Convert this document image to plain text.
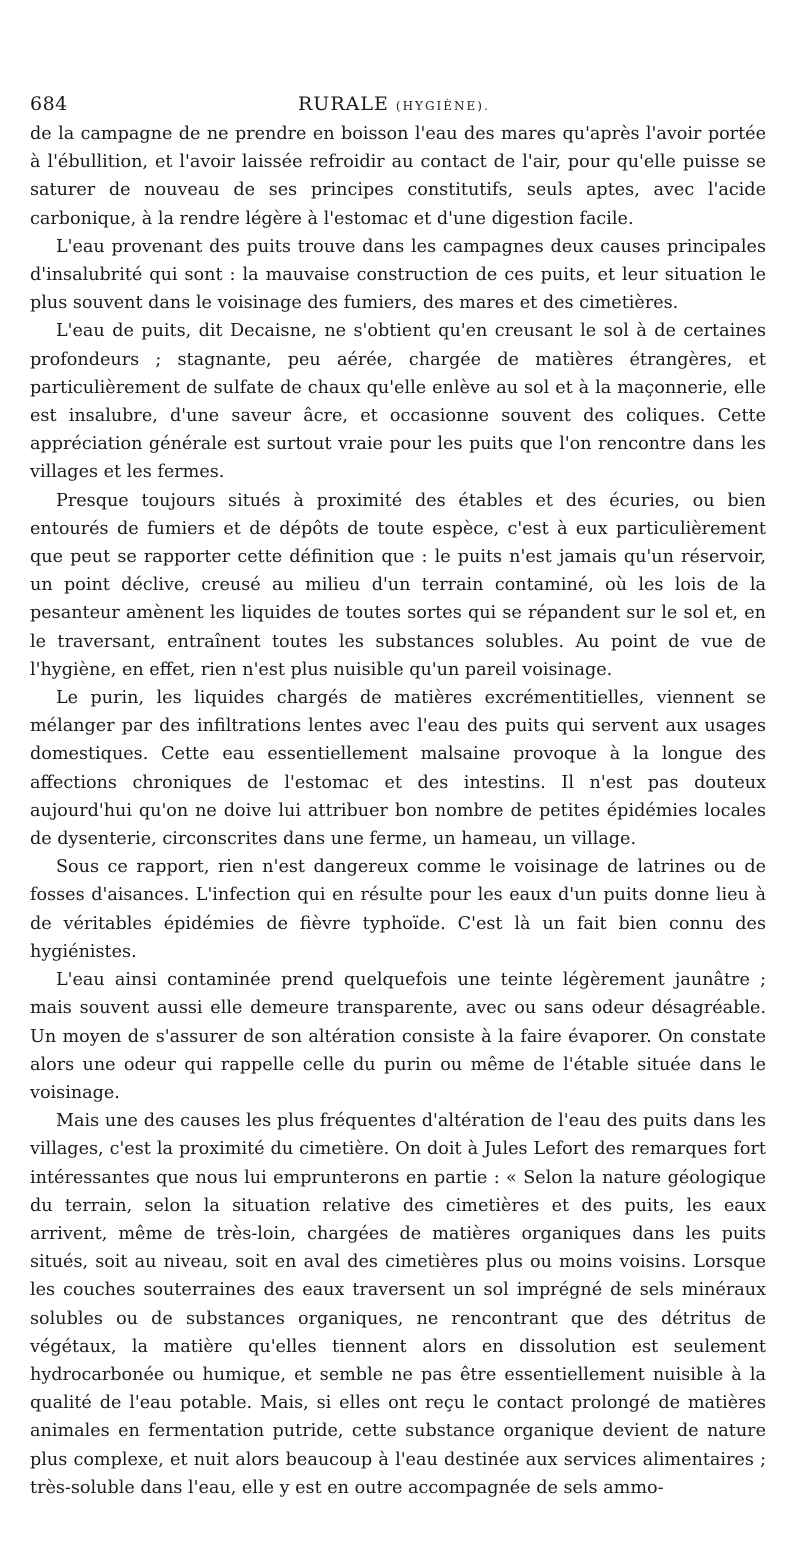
684	RURALE (HYGIÈNE).

de la campagne de ne prendre en boisson l'eau des mares qu'après l'avoir portée à l'ébullition, et l'avoir laissée refroidir au contact de l'air, pour qu'elle puisse se saturer de nouveau de ses principes constitutifs, seuls aptes, avec l'acide carbonique, à la rendre légère à l'estomac et d'une digestion facile.

L'eau provenant des puits trouve dans les campagnes deux causes principales d'insalubrité qui sont : la mauvaise construction de ces puits, et leur situation le plus souvent dans le voisinage des fumiers, des mares et des cimetières.

L'eau de puits, dit Decaisne, ne s'obtient qu'en creusant le sol à de certaines profondeurs ; stagnante, peu aérée, chargée de matières étrangères, et particulièrement de sulfate de chaux qu'elle enlève au sol et à la maçonnerie, elle est insalubre, d'une saveur âcre, et occasionne souvent des coliques. Cette appréciation générale est surtout vraie pour les puits que l'on rencontre dans les villages et les fermes.

Presque toujours situés à proximité des étables et des écuries, ou bien entourés de fumiers et de dépôts de toute espèce, c'est à eux particulièrement que peut se rapporter cette définition que : le puits n'est jamais qu'un réservoir, un point déclive, creusé au milieu d'un terrain contaminé, où les lois de la pesanteur amènent les liquides de toutes sortes qui se répandent sur le sol et, en le traversant, entraînent toutes les substances solubles. Au point de vue de l'hygiène, en effet, rien n'est plus nuisible qu'un pareil voisinage.

Le purin, les liquides chargés de matières excrémentitielles, viennent se mélanger par des infiltrations lentes avec l'eau des puits qui servent aux usages domestiques. Cette eau essentiellement malsaine provoque à la longue des affections chroniques de l'estomac et des intestins. Il n'est pas douteux aujourd'hui qu'on ne doive lui attribuer bon nombre de petites épidémies locales de dysenterie, circonscrites dans une ferme, un hameau, un village.

Sous ce rapport, rien n'est dangereux comme le voisinage de latrines ou de fosses d'aisances. L'infection qui en résulte pour les eaux d'un puits donne lieu à de véritables épidémies de fièvre typhoïde. C'est là un fait bien connu des hygiénistes.

L'eau ainsi contaminée prend quelquefois une teinte légèrement jaunâtre ; mais souvent aussi elle demeure transparente, avec ou sans odeur désagréable. Un moyen de s'assurer de son altération consiste à la faire évaporer. On constate alors une odeur qui rappelle celle du purin ou même de l'étable située dans le voisinage.

Mais une des causes les plus fréquentes d'altération de l'eau des puits dans les villages, c'est la proximité du cimetière. On doit à Jules Lefort des remarques fort intéressantes que nous lui emprunterons en partie : « Selon la nature géologique du terrain, selon la situation relative des cimetières et des puits, les eaux arrivent, même de très-loin, chargées de matières organiques dans les puits situés, soit au niveau, soit en aval des cimetières plus ou moins voisins. Lorsque les couches souterraines des eaux traversent un sol imprégné de sels minéraux solubles ou de substances organiques, ne rencontrant que des détritus de végétaux, la matière qu'elles tiennent alors en dissolution est seulement hydrocarbonée ou humique, et semble ne pas être essentiellement nuisible à la qualité de l'eau potable. Mais, si elles ont reçu le contact prolongé de matières animales en fermentation putride, cette substance organique devient de nature plus complexe, et nuit alors beaucoup à l'eau destinée aux services alimentaires ; très-soluble dans l'eau, elle y est en outre accompagnée de sels ammo-
